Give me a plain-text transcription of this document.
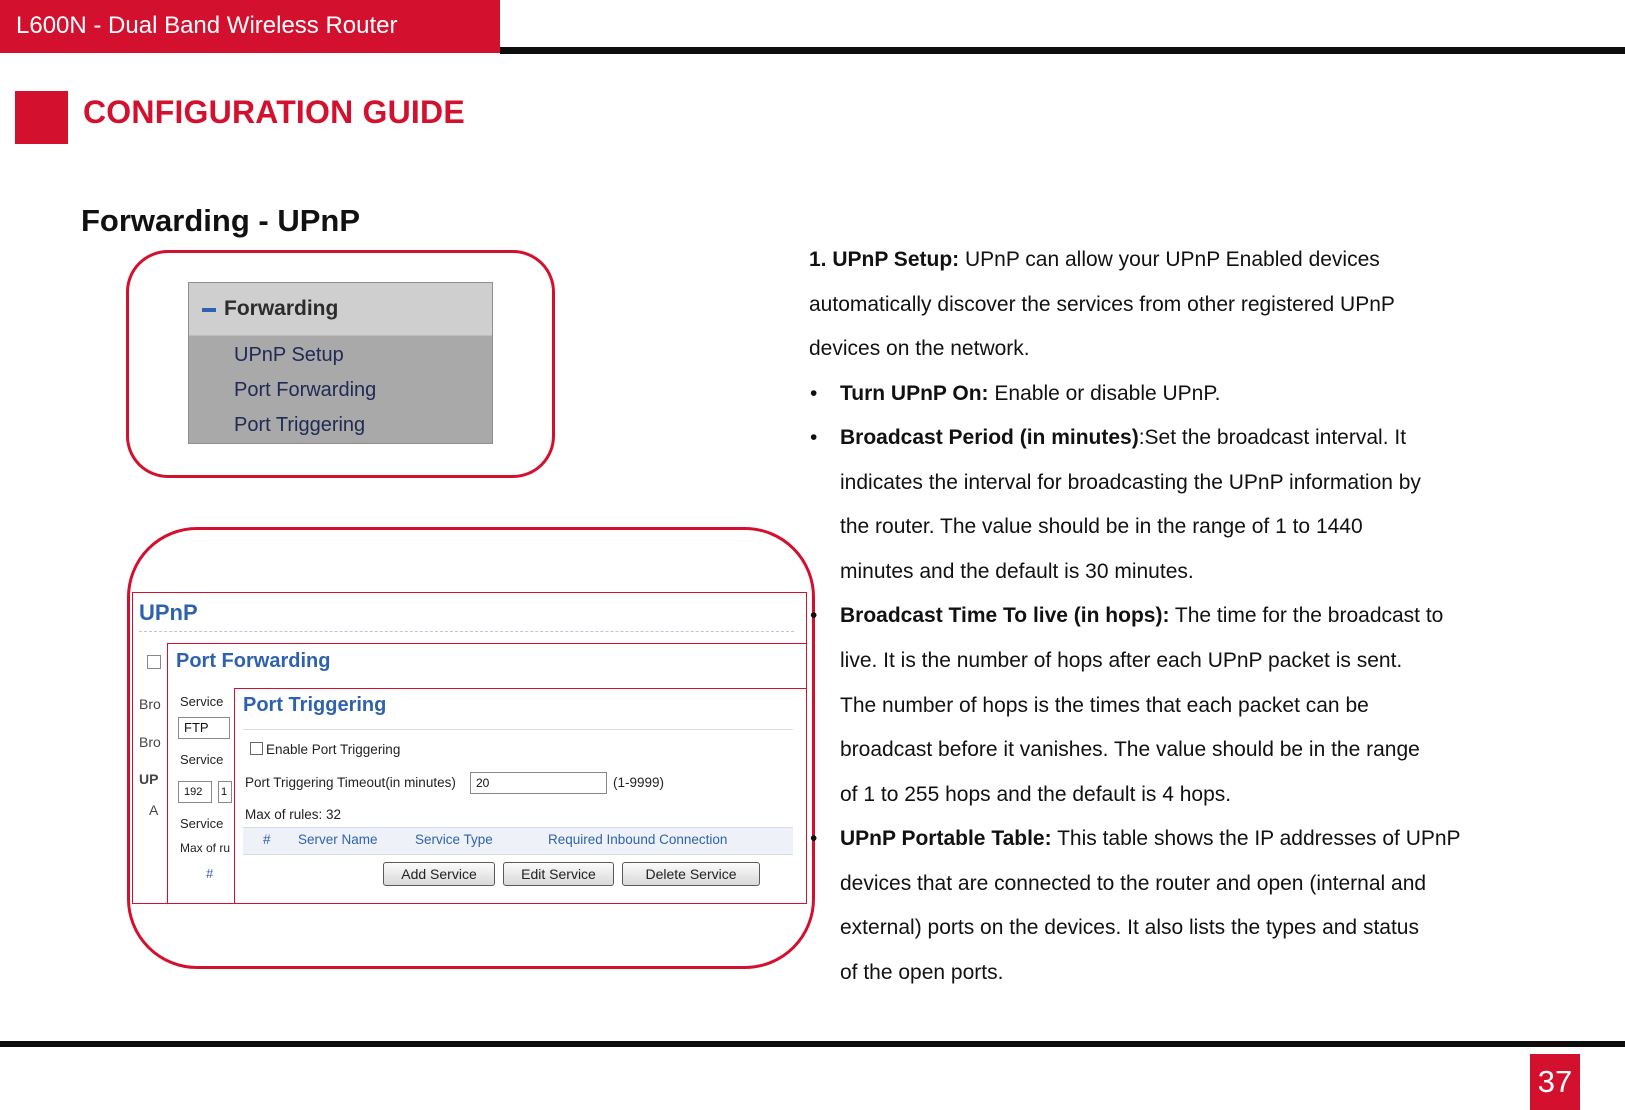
L600N - Dual Band Wireless Router
CONFIGURATION GUIDE
Forwarding - UPnP
Forwarding
UPnP Setup
Port Forwarding
Port Triggering
UPnP
Bro
Bro
UP
A
Port Forwarding
Service
FTP
Service
192	1
Service
Max of ru
#
Port Triggering
Enable Port Triggering
Port Triggering Timeout(in minutes)	20	(1-9999)
Max of rules: 32
# Server Name	Service Type	Required Inbound Connection
Add Service	Edit Service	Delete Service
1. UPnP Setup: UPnP can allow your UPnP Enabled devices
automatically discover the services from other registered UPnP
devices on the network.
• Turn UPnP On: Enable or disable UPnP.
• Broadcast Period (in minutes):Set the broadcast interval. It
indicates the interval for broadcasting the UPnP information by
the router. The value should be in the range of 1 to 1440
minutes and the default is 30 minutes.
• Broadcast Time To live (in hops): The time for the broadcast to
live. It is the number of hops after each UPnP packet is sent.
The number of hops is the times that each packet can be
broadcast before it vanishes. The value should be in the range
of 1 to 255 hops and the default is 4 hops.
• UPnP Portable Table: This table shows the IP addresses of UPnP
devices that are connected to the router and open (internal and
external) ports on the devices. It also lists the types and status
of the open ports.
37
